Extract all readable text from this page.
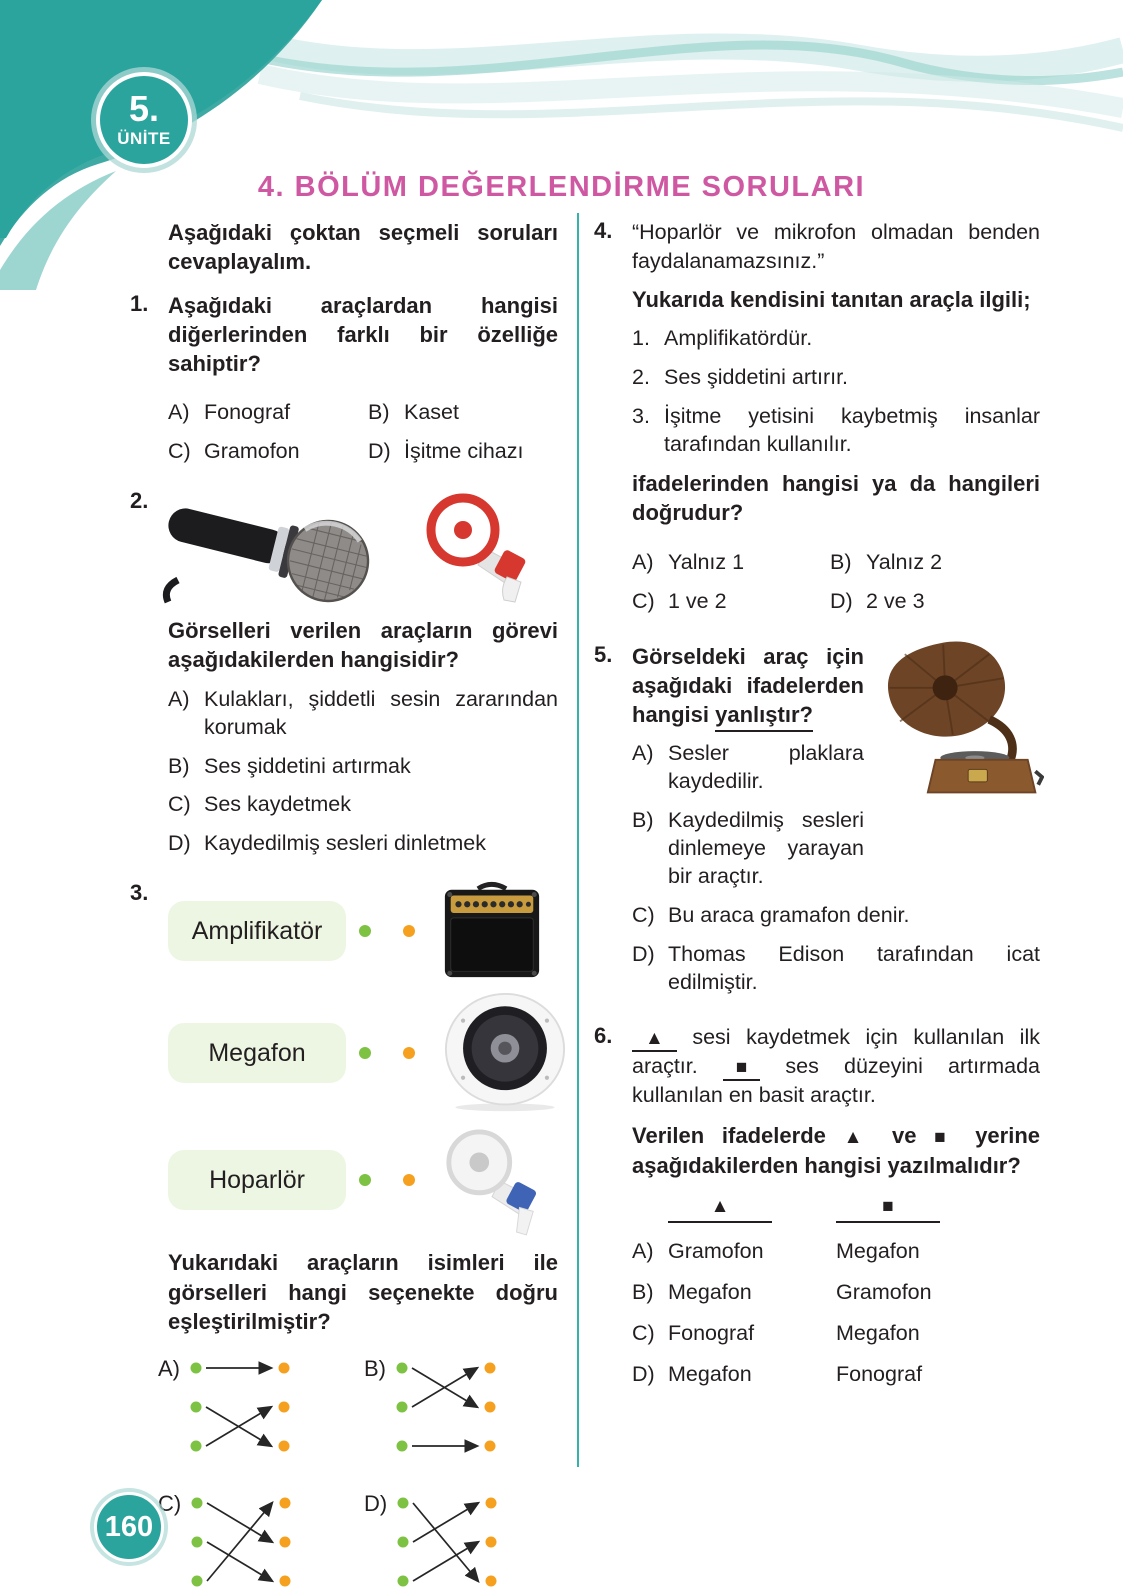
5.
ÜNİTE
4. BÖLÜM DEĞERLENDİRME SORULARI

Aşağıdaki çoktan seçmeli soruları cevaplayalım.

1. Aşağıdaki araçlardan hangisi diğerlerinden farklı bir özelliğe sahiptir?

A) Fonograf	B) Kaset
C) Gramofon	D) İşitme cihazı
2.

Görselleri verilen araçların görevi aşağıdakilerden hangisidir?

A) Kulakları, şiddetli sesin zararından korumak
B) Ses şiddetini artırmak
C) Ses kaydetmek
D) Kaydedilmiş sesleri dinletmek
3.
Amplifikatör
Megafon
Hoparlör

Yukarıdaki araçların isimleri ile görselleri hangi seçenekte doğru eşleştirilmiştir?

A)	B)
C)	D)
4. “Hoparlör ve mikrofon olmadan benden faydalanamazsınız.”

Yukarıda kendisini tanıtan araçla ilgili;

1. Amplifikatördür.
2. Ses şiddetini artırır.
3. İşitme yetisini kaybetmiş insanlar tarafından kullanılır.

ifadelerinden hangisi ya da hangileri doğrudur?

A) Yalnız 1	B) Yalnız 2
C) 1 ve 2	D) 2 ve 3
5. Görseldeki araç için aşağıdaki ifadelerden hangisi yanlıştır?

A) Sesler plaklara kaydedilir.
B) Kaydedilmiş sesleri dinlemeye yarayan bir araçtır.
C) Bu araca gramafon denir.
D) Thomas Edison tarafından icat edilmiştir.
6.	▲ sesi kaydetmek için kullanılan ilk araçtır. ■ ses düzeyini artırmada kullanılan en basit araçtır.

Verilen ifadelerde ▲ ve ■ yerine aşağıdakilerden hangisi yazılmalıdır?

▲	■
A) Gramofon	Megafon
B) Megafon	Gramofon
C) Fonograf	Megafon
D) Megafon	Fonograf
160
